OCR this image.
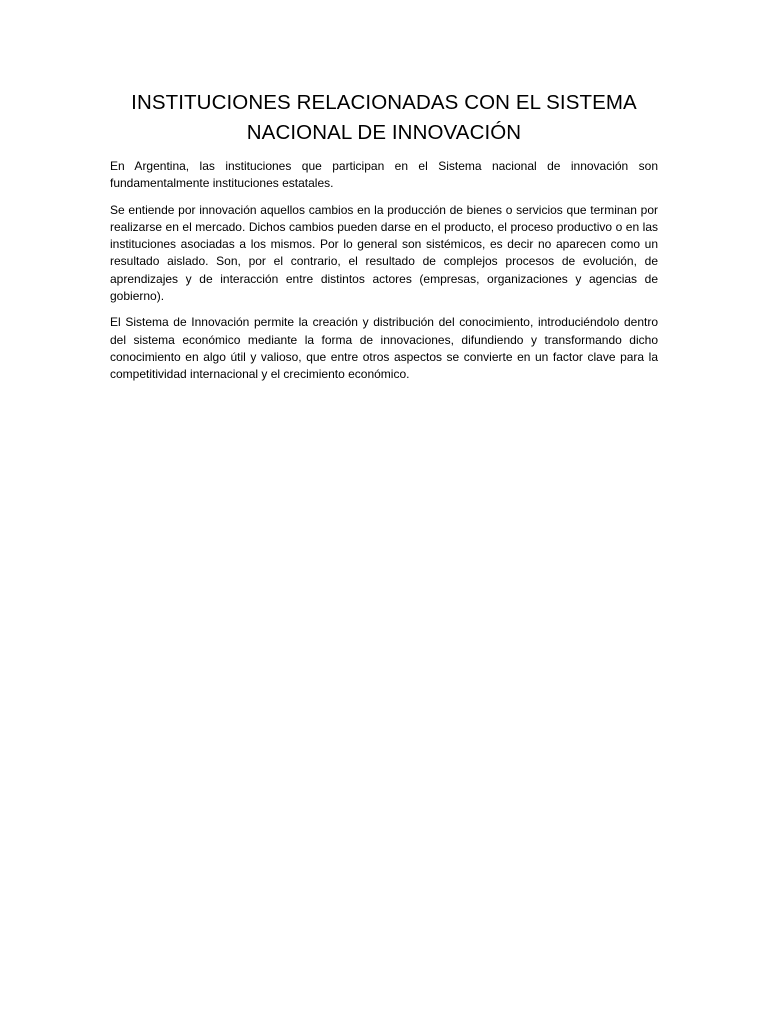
INSTITUCIONES RELACIONADAS CON EL SISTEMA NACIONAL DE INNOVACIÓN

En Argentina, las instituciones que participan en el Sistema nacional de innovación son fundamentalmente instituciones estatales.

Se entiende por innovación aquellos cambios en la producción de bienes o servicios que terminan por realizarse en el mercado. Dichos cambios pueden darse en el producto, el proceso productivo o en las instituciones asociadas a los mismos. Por lo general son sistémicos, es decir no aparecen como un resultado aislado. Son, por el contrario, el resultado de complejos procesos de evolución, de aprendizajes y de interacción entre distintos actores (empresas, organizaciones y agencias de gobierno).

El Sistema de Innovación permite la creación y distribución del conocimiento, introduciéndolo dentro del sistema económico mediante la forma de innovaciones, difundiendo y transformando dicho conocimiento en algo útil y valioso, que entre otros aspectos se convierte en un factor clave para la competitividad internacional y el crecimiento económico.
